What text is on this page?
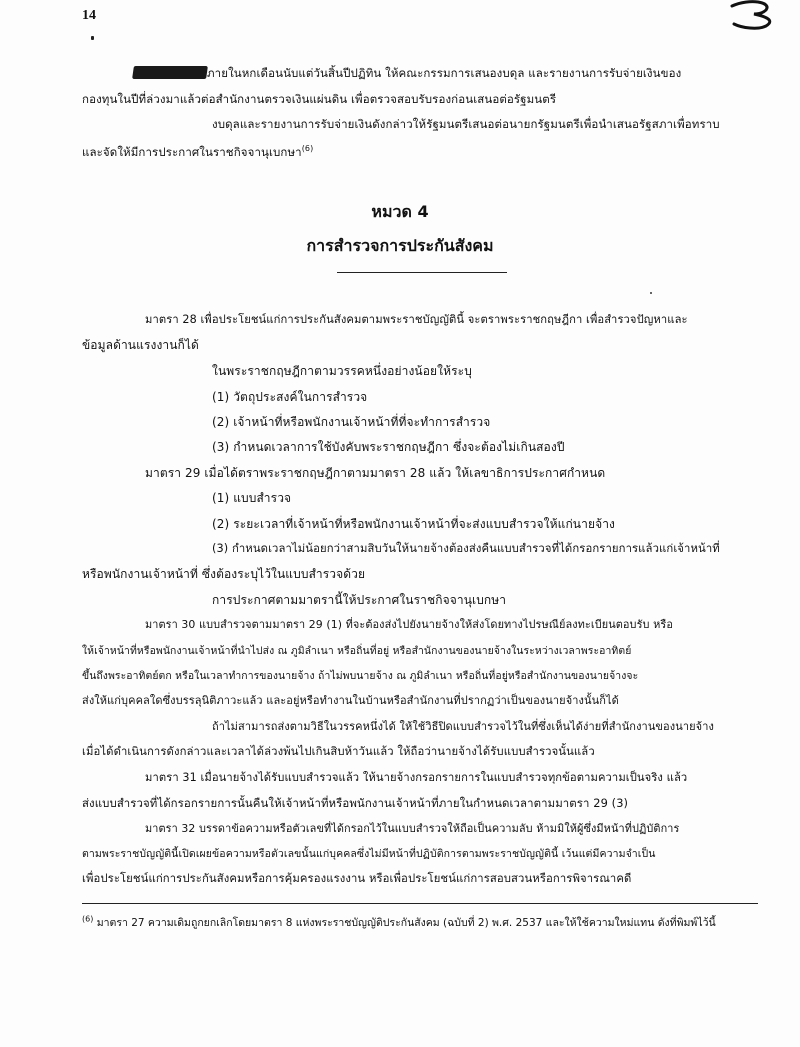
14
ภายในหกเดือนนับแต่วันสิ้นปีปฏิทิน ให้คณะกรรมการเสนองบดุล และรายงานการรับจ่ายเงินของ
กองทุนในปีที่ล่วงมาแล้วต่อสำนักงานตรวจเงินแผ่นดิน เพื่อตรวจสอบรับรองก่อนเสนอต่อรัฐมนตรี
งบดุลและรายงานการรับจ่ายเงินดังกล่าวให้รัฐมนตรีเสนอต่อนายกรัฐมนตรีเพื่อนำเสนอรัฐสภาเพื่อทราบ
และจัดให้มีการประกาศในราชกิจจานุเบกษา$^{(6)}$
หมวด 4
การสำรวจการประกันสังคม
มาตรา 28 เพื่อประโยชน์แก่การประกันสังคมตามพระราชบัญญัตินี้ จะตราพระราชกฤษฎีกา เพื่อสำรวจปัญหาและ
ข้อมูลด้านแรงงานก็ได้
ในพระราชกฤษฎีกาตามวรรคหนึ่งอย่างน้อยให้ระบุ
(1) วัตถุประสงค์ในการสำรวจ
(2) เจ้าหน้าที่หรือพนักงานเจ้าหน้าที่ที่จะทำการสำรวจ
(3) กำหนดเวลาการใช้บังคับพระราชกฤษฎีกา ซึ่งจะต้องไม่เกินสองปี
มาตรา 29 เมื่อได้ตราพระราชกฤษฎีกาตามมาตรา 28 แล้ว ให้เลขาธิการประกาศกำหนด
(1) แบบสำรวจ
(2) ระยะเวลาที่เจ้าหน้าที่หรือพนักงานเจ้าหน้าที่จะส่งแบบสำรวจให้แก่นายจ้าง
(3) กำหนดเวลาไม่น้อยกว่าสามสิบวันให้นายจ้างต้องส่งคืนแบบสำรวจที่ได้กรอกรายการแล้วแก่เจ้าหน้าที่
หรือพนักงานเจ้าหน้าที่ ซึ่งต้องระบุไว้ในแบบสำรวจด้วย
การประกาศตามมาตรานี้ให้ประกาศในราชกิจจานุเบกษา
มาตรา 30 แบบสำรวจตามมาตรา 29 (1) ที่จะต้องส่งไปยังนายจ้างให้ส่งโดยทางไปรษณีย์ลงทะเบียนตอบรับ หรือ
ให้เจ้าหน้าที่หรือพนักงานเจ้าหน้าที่นำไปส่ง ณ ภูมิลำเนา หรือถิ่นที่อยู่ หรือสำนักงานของนายจ้างในระหว่างเวลาพระอาทิตย์
ขึ้นถึงพระอาทิตย์ตก หรือในเวลาทำการของนายจ้าง ถ้าไม่พบนายจ้าง ณ ภูมิลำเนา หรือถิ่นที่อยู่หรือสำนักงานของนายจ้างจะ
ส่งให้แก่บุคคลใดซึ่งบรรลุนิติภาวะแล้ว และอยู่หรือทำงานในบ้านหรือสำนักงานที่ปรากฏว่าเป็นของนายจ้างนั้นก็ได้
ถ้าไม่สามารถส่งตามวิธีในวรรคหนึ่งได้ ให้ใช้วิธีปิดแบบสำรวจไว้ในที่ซึ่งเห็นได้ง่ายที่สำนักงานของนายจ้าง
เมื่อได้ดำเนินการดังกล่าวและเวลาได้ล่วงพ้นไปเกินสิบห้าวันแล้ว ให้ถือว่านายจ้างได้รับแบบสำรวจนั้นแล้ว
มาตรา 31 เมื่อนายจ้างได้รับแบบสำรวจแล้ว ให้นายจ้างกรอกรายการในแบบสำรวจทุกข้อตามความเป็นจริง แล้ว
ส่งแบบสำรวจที่ได้กรอกรายการนั้นคืนให้เจ้าหน้าที่หรือพนักงานเจ้าหน้าที่ภายในกำหนดเวลาตามมาตรา 29 (3)
มาตรา 32 บรรดาข้อความหรือตัวเลขที่ได้กรอกไว้ในแบบสำรวจให้ถือเป็นความลับ ห้ามมิให้ผู้ซึ่งมีหน้าที่ปฏิบัติการ
ตามพระราชบัญญัตินี้เปิดเผยข้อความหรือตัวเลขนั้นแก่บุคคลซึ่งไม่มีหน้าที่ปฏิบัติการตามพระราชบัญญัตินี้ เว้นแต่มีความจำเป็น
เพื่อประโยชน์แก่การประกันสังคมหรือการคุ้มครองแรงงาน หรือเพื่อประโยชน์แก่การสอบสวนหรือการพิจารณาคดี
$^{(6)}$ มาตรา 27 ความเดิมถูกยกเลิกโดยมาตรา 8 แห่งพระราชบัญญัติประกันสังคม (ฉบับที่ 2) พ.ศ. 2537 และให้ใช้ความใหม่แทน ดังที่พิมพ์ไว้นี้
